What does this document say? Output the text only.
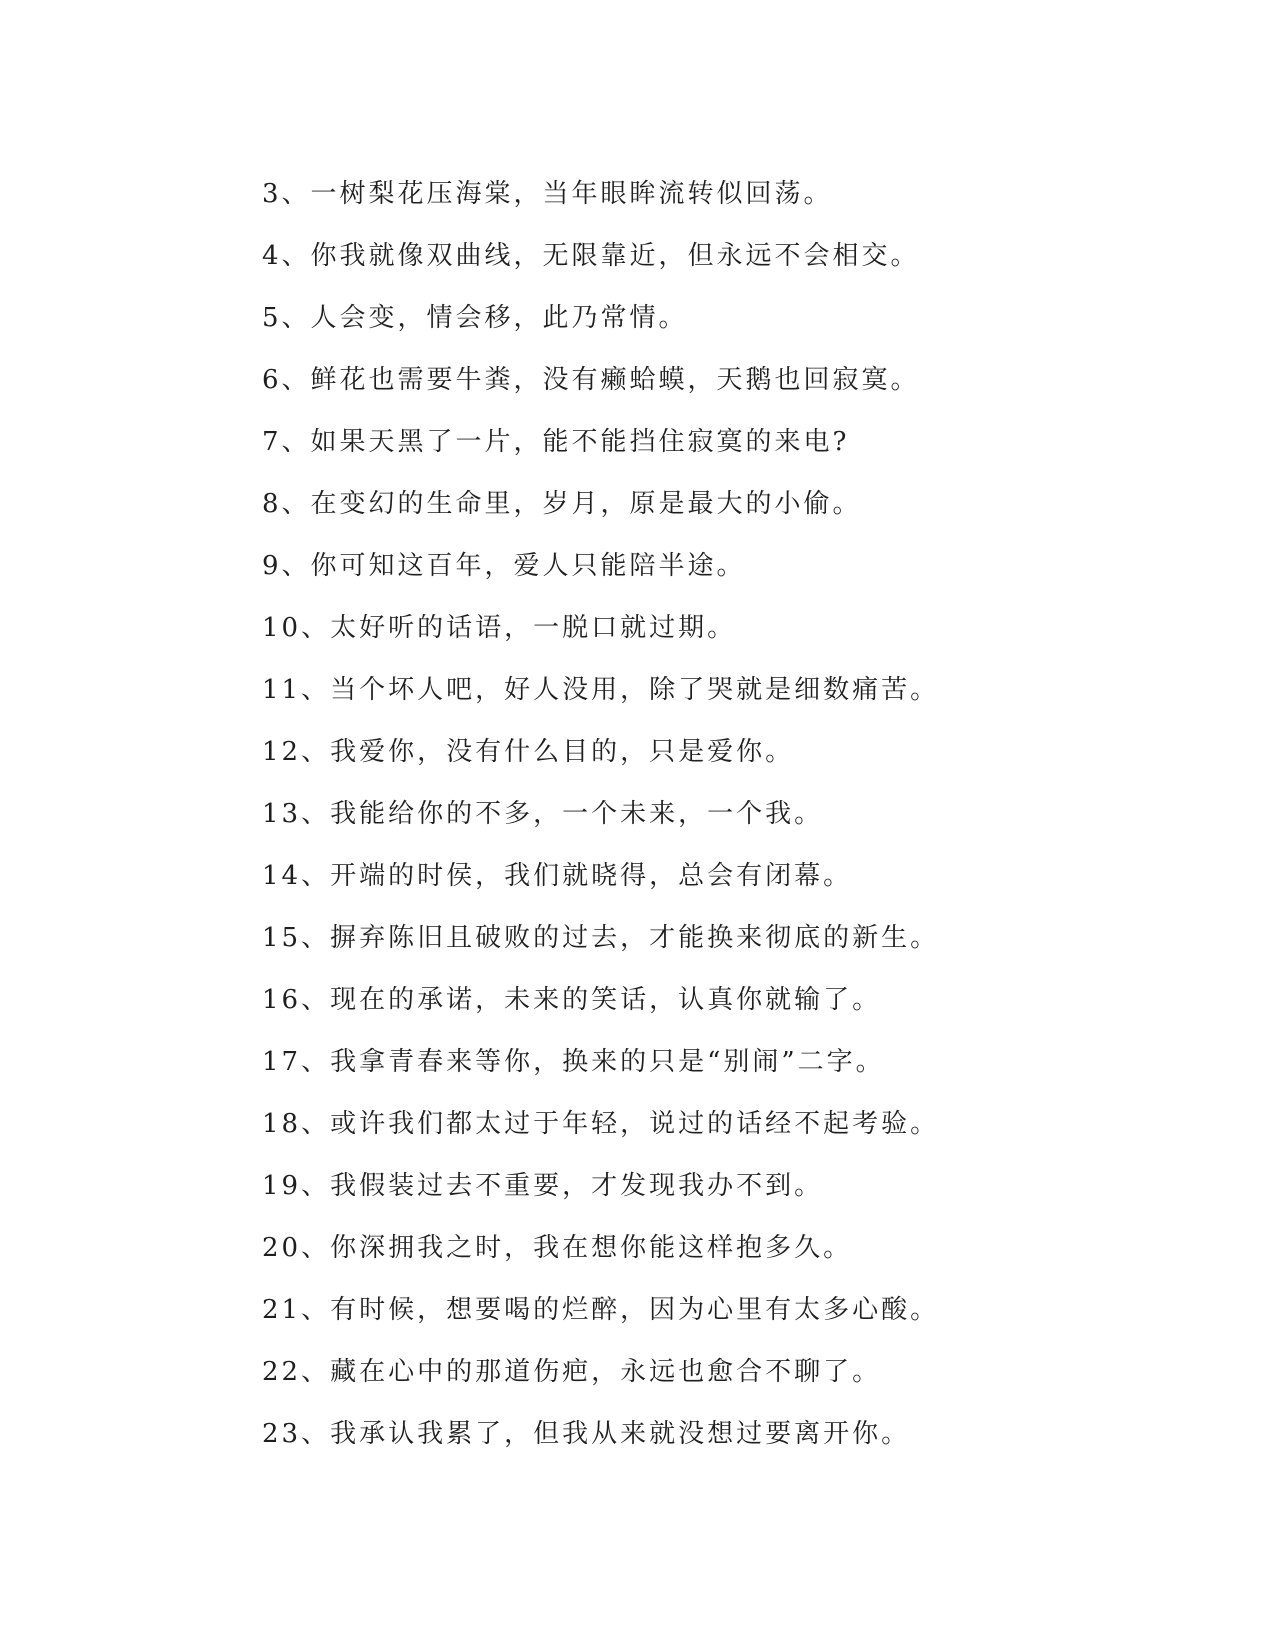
3、一树梨花压海棠，当年眼眸流转似回荡。
4、你我就像双曲线，无限靠近，但永远不会相交。
5、人会变，情会移，此乃常情。
6、鲜花也需要牛粪，没有癞蛤蟆，天鹅也回寂寞。
7、如果天黑了一片，能不能挡住寂寞的来电?
8、在变幻的生命里，岁月，原是最大的小偷。
9、你可知这百年，爱人只能陪半途。
10、太好听的话语，一脱口就过期。
11、当个坏人吧，好人没用，除了哭就是细数痛苦。
12、我爱你，没有什么目的，只是爱你。
13、我能给你的不多，一个未来，一个我。
14、开端的时侯，我们就晓得，总会有闭幕。
15、摒弃陈旧且破败的过去，才能换来彻底的新生。
16、现在的承诺，未来的笑话，认真你就输了。
17、我拿青春来等你，换来的只是“别闹”二字。
18、或许我们都太过于年轻，说过的话经不起考验。
19、我假装过去不重要，才发现我办不到。
20、你深拥我之时，我在想你能这样抱多久。
21、有时候，想要喝的烂醉，因为心里有太多心酸。
22、藏在心中的那道伤疤，永远也愈合不聊了。
23、我承认我累了，但我从来就没想过要离开你。
